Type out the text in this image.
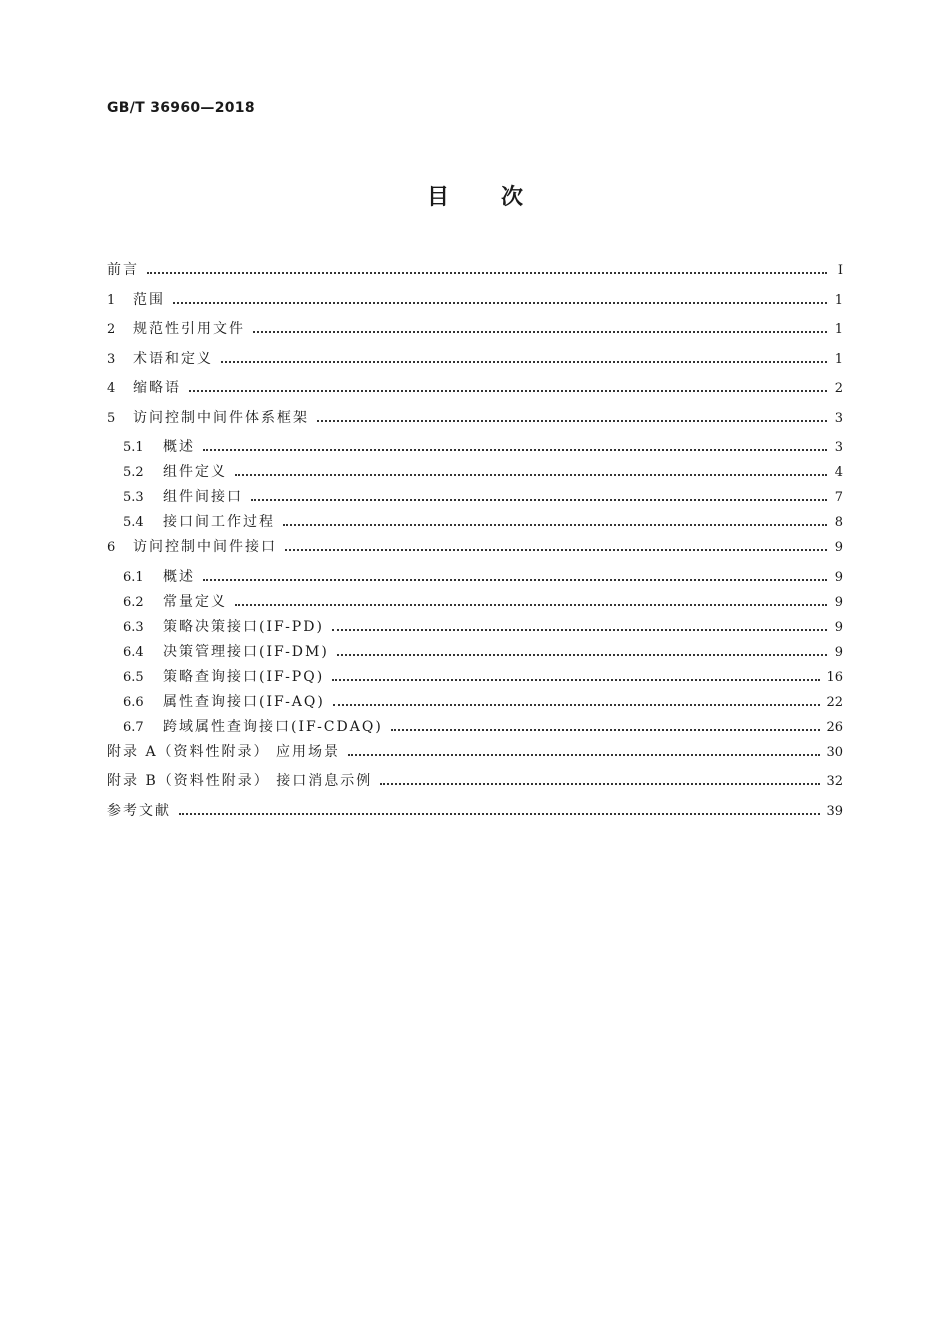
GB/T 36960—2018
目 次
前言	Ⅰ
1	范围	1
2	规范性引用文件	1
3	术语和定义	1
4	缩略语	2
5	访问控制中间件体系框架	3
5.1	概述	3
5.2	组件定义	4
5.3	组件间接口	7
5.4	接口间工作过程	8
6	访问控制中间件接口	9
6.1	概述	9
6.2	常量定义	9
6.3	策略决策接口(IF-PD)	9
6.4	决策管理接口(IF-DM)	9
6.5	策略查询接口(IF-PQ)	16
6.6	属性查询接口(IF-AQ)	22
6.7	跨域属性查询接口(IF-CDAQ)	26
附录 A（资料性附录） 应用场景	30
附录 B（资料性附录） 接口消息示例	32
参考文献	39
